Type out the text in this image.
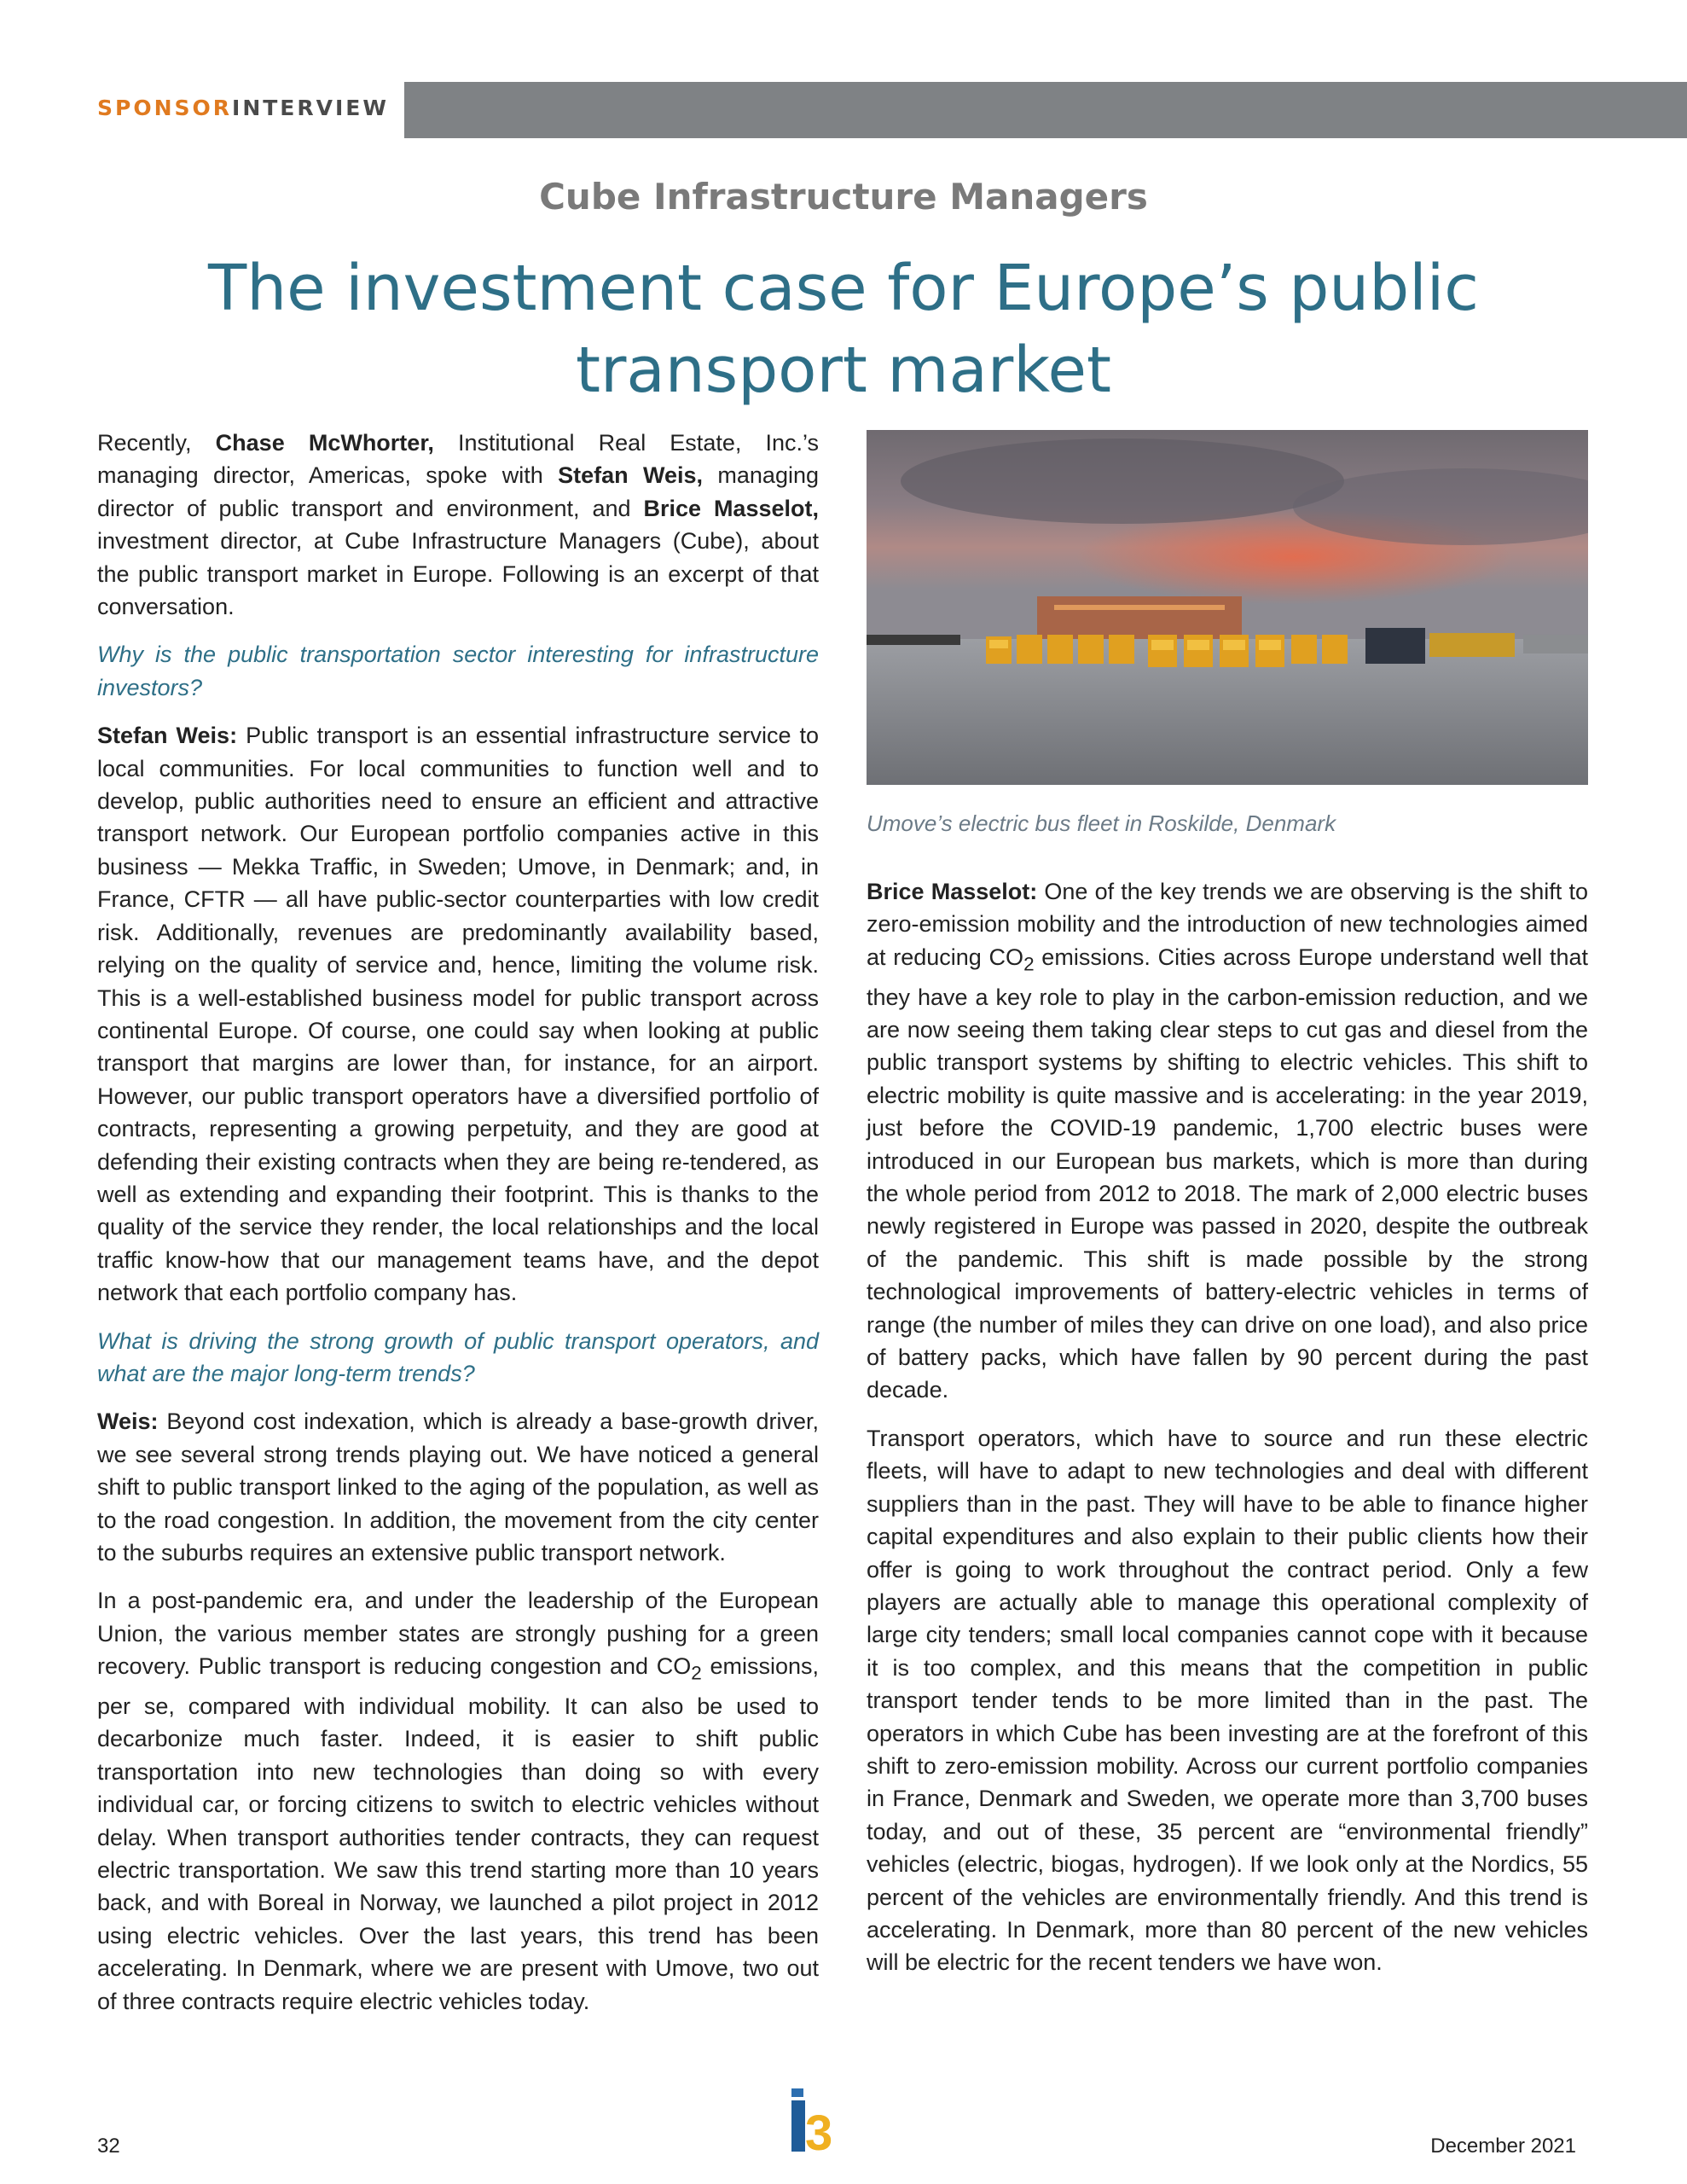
SPONSORINTERVIEW
Cube Infrastructure Managers
The investment case for Europe’s public transport market

Recently, Chase McWhorter, Institutional Real Estate, Inc.’s managing director, Americas, spoke with Stefan Weis, managing director of public transport and environment, and Brice Masselot, investment director, at Cube Infrastructure Managers (Cube), about the public transport market in Europe. Following is an excerpt of that conversation.

Why is the public transportation sector interesting for infrastructure investors?

Stefan Weis: Public transport is an essential infrastructure service to local communities. For local communities to function well and to develop, public authorities need to ensure an efficient and attractive transport network. Our European portfolio companies active in this business — Mekka Traffic, in Sweden; Umove, in Denmark; and, in France, CFTR — all have public-sector counterparties with low credit risk. Additionally, revenues are predominantly availability based, relying on the quality of service and, hence, limiting the volume risk. This is a well-established business model for public transport across continental Europe. Of course, one could say when looking at public transport that margins are lower than, for instance, for an airport. However, our public transport operators have a diversified portfolio of contracts, representing a growing perpetuity, and they are good at defending their existing contracts when they are being re-tendered, as well as extending and expanding their footprint. This is thanks to the quality of the service they render, the local relationships and the local traffic know-how that our management teams have, and the depot network that each portfolio company has.

What is driving the strong growth of public transport operators, and what are the major long-term trends?

Weis: Beyond cost indexation, which is already a base-growth driver, we see several strong trends playing out. We have noticed a general shift to public transport linked to the aging of the population, as well as to the road congestion. In addition, the movement from the city center to the suburbs requires an extensive public transport network.

In a post-pandemic era, and under the leadership of the European Union, the various member states are strongly pushing for a green recovery. Public transport is reducing congestion and $CO_2$ emissions, per se, compared with individual mobility. It can also be used to decarbonize much faster. Indeed, it is easier to shift public transportation into new technologies than doing so with every individual car, or forcing citizens to switch to electric vehicles without delay. When transport authorities tender contracts, they can request electric transportation. We saw this trend starting more than 10 years back, and with Boreal in Norway, we launched a pilot project in 2012 using electric vehicles. Over the last years, this trend has been accelerating. In Denmark, where we are present with Umove, two out of three contracts require electric vehicles today.

Umove’s electric bus fleet in Roskilde, Denmark

Brice Masselot: One of the key trends we are observing is the shift to zero-emission mobility and the introduction of new technologies aimed at reducing $CO_2$ emissions. Cities across Europe understand well that they have a key role to play in the carbon-emission reduction, and we are now seeing them taking clear steps to cut gas and diesel from the public transport systems by shifting to electric vehicles. This shift to electric mobility is quite massive and is accelerating: in the year 2019, just before the COVID-19 pandemic, 1,700 electric buses were introduced in our European bus markets, which is more than during the whole period from 2012 to 2018. The mark of 2,000 electric buses newly registered in Europe was passed in 2020, despite the outbreak of the pandemic. This shift is made possible by the strong technological improvements of battery-electric vehicles in terms of range (the number of miles they can drive on one load), and also price of battery packs, which have fallen by 90 percent during the past decade.

Transport operators, which have to source and run these electric fleets, will have to adapt to new technologies and deal with different suppliers than in the past. They will have to be able to finance higher capital expenditures and also explain to their public clients how their offer is going to work throughout the contract period. Only a few players are actually able to manage this operational complexity of large city tenders; small local companies cannot cope with it because it is too complex, and this means that the competition in public transport tender tends to be more limited than in the past. The operators in which Cube has been investing are at the forefront of this shift to zero-emission mobility. Across our current portfolio companies in France, Denmark and Sweden, we operate more than 3,700 buses today, and out of these, 35 percent are “environmental friendly” vehicles (electric, biogas, hydrogen). If we look only at the Nordics, 55 percent of the vehicles are environmentally friendly. And this trend is accelerating. In Denmark, more than 80 percent of the new vehicles will be electric for the recent tenders we have won.

3
32	December 2021
